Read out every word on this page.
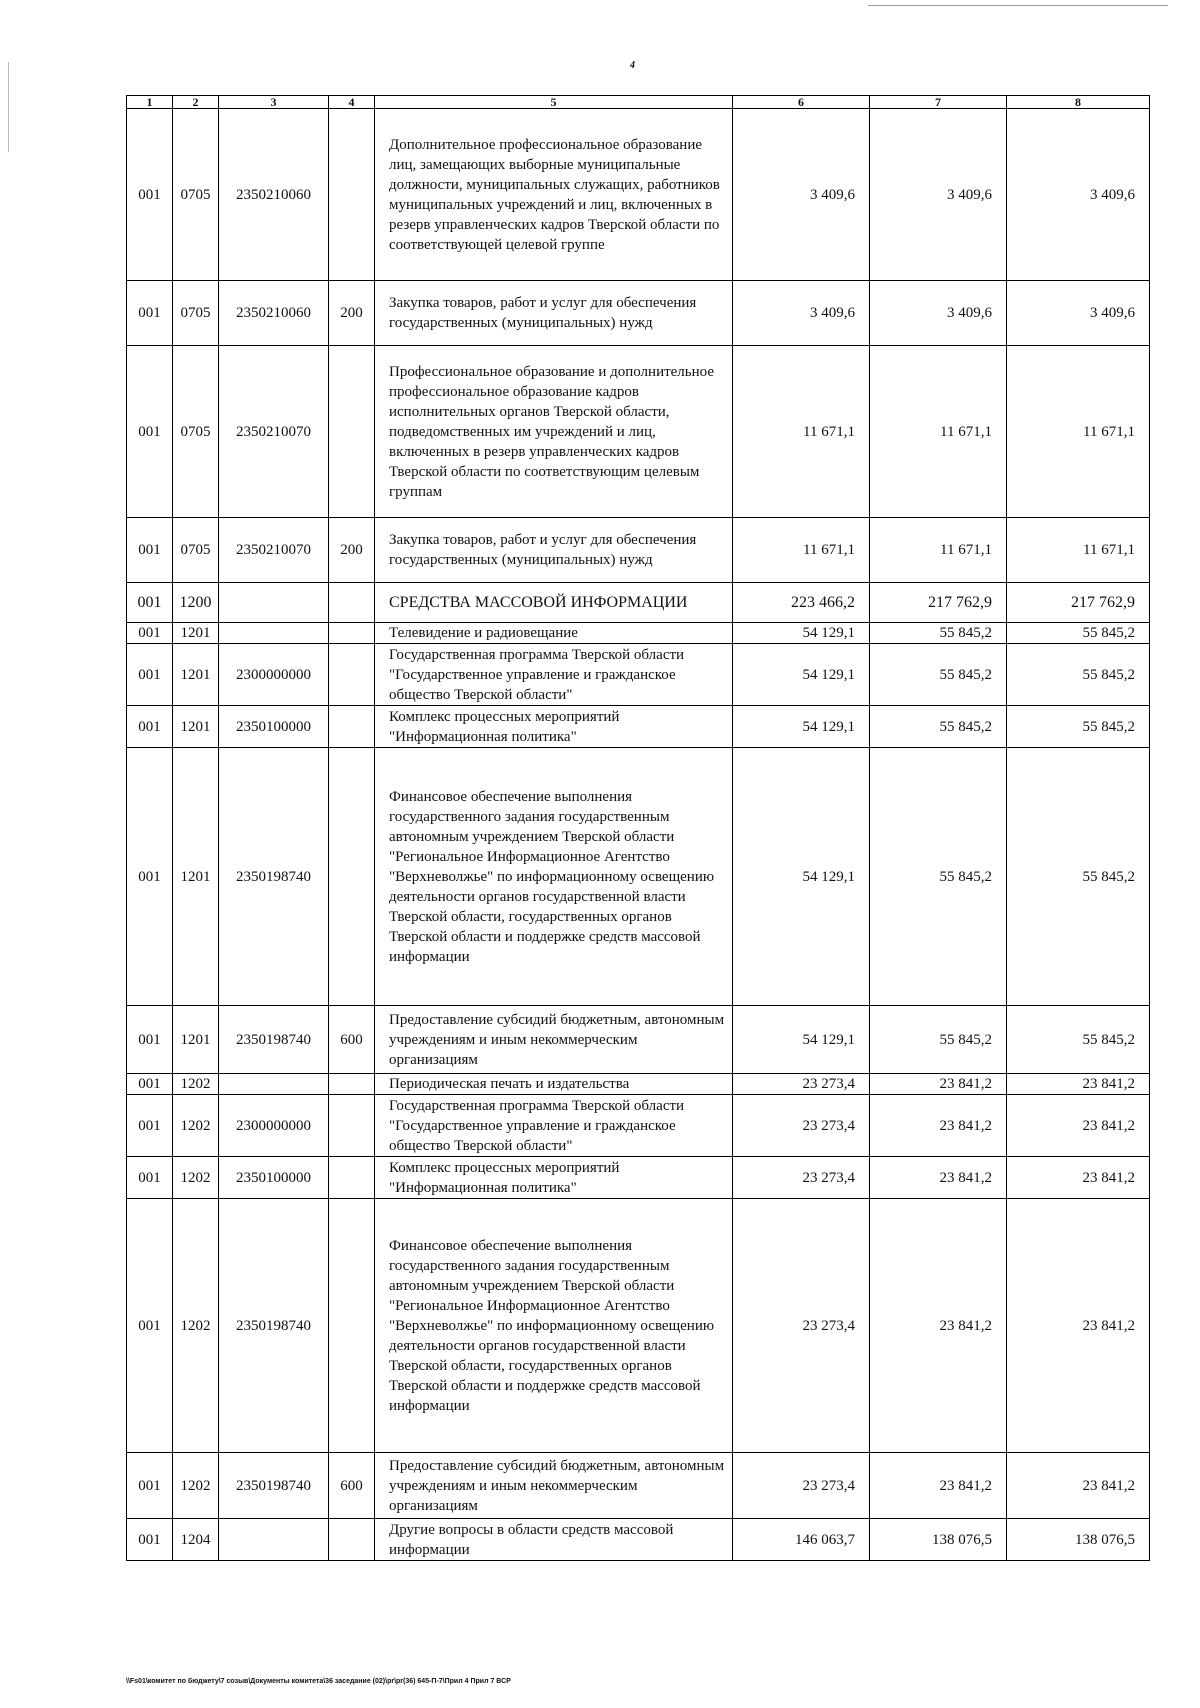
4
1	2	3	4	5	6	7	8
001	0705	2350210060		Дополнительное профессиональное образование лиц, замещающих выборные муниципальные должности, муниципальных служащих, работников муниципальных учреждений и лиц, включенных в резерв управленческих кадров Тверской области по соответствующей целевой группе	3 409,6	3 409,6	3 409,6
001	0705	2350210060	200	Закупка товаров, работ и услуг для обеспечения государственных (муниципальных) нужд	3 409,6	3 409,6	3 409,6
001	0705	2350210070		Профессиональное образование и дополнительное профессиональное образование кадров исполнительных органов Тверской области, подведомственных им учреждений и лиц, включенных в резерв управленческих кадров Тверской области по соответствующим целевым группам	11 671,1	11 671,1	11 671,1
001	0705	2350210070	200	Закупка товаров, работ и услуг для обеспечения государственных (муниципальных) нужд	11 671,1	11 671,1	11 671,1
001	1200			СРЕДСТВА МАССОВОЙ ИНФОРМАЦИИ	223 466,2	217 762,9	217 762,9
001	1201			Телевидение и радиовещание	54 129,1	55 845,2	55 845,2
001	1201	2300000000		Государственная программа Тверской области "Государственное управление и гражданское общество Тверской области"	54 129,1	55 845,2	55 845,2
001	1201	2350100000		Комплекс процессных мероприятий "Информационная политика"	54 129,1	55 845,2	55 845,2
001	1201	2350198740		Финансовое обеспечение выполнения государственного задания государственным автономным учреждением Тверской области "Региональное Информационное Агентство "Верхневолжье" по информационному освещению деятельности органов государственной власти Тверской области, государственных органов Тверской области и поддержке средств массовой информации	54 129,1	55 845,2	55 845,2
001	1201	2350198740	600	Предоставление субсидий бюджетным, автономным учреждениям и иным некоммерческим организациям	54 129,1	55 845,2	55 845,2
001	1202			Периодическая печать и издательства	23 273,4	23 841,2	23 841,2
001	1202	2300000000		Государственная программа Тверской области "Государственное управление и гражданское общество Тверской области"	23 273,4	23 841,2	23 841,2
001	1202	2350100000		Комплекс процессных мероприятий "Информационная политика"	23 273,4	23 841,2	23 841,2
001	1202	2350198740		Финансовое обеспечение выполнения государственного задания государственным автономным учреждением Тверской области "Региональное Информационное Агентство "Верхневолжье" по информационному освещению деятельности органов государственной власти Тверской области, государственных органов Тверской области и поддержке средств массовой информации	23 273,4	23 841,2	23 841,2
001	1202	2350198740	600	Предоставление субсидий бюджетным, автономным учреждениям и иным некоммерческим организациям	23 273,4	23 841,2	23 841,2
001	1204			Другие вопросы в области средств массовой информации	146 063,7	138 076,5	138 076,5
\\Fs01\комитет по бюджету\7 созыв\Документы комитета\36 заседание (02)\pr\pr(36) 645-П-7\Прил 4 Прил 7 ВСР
